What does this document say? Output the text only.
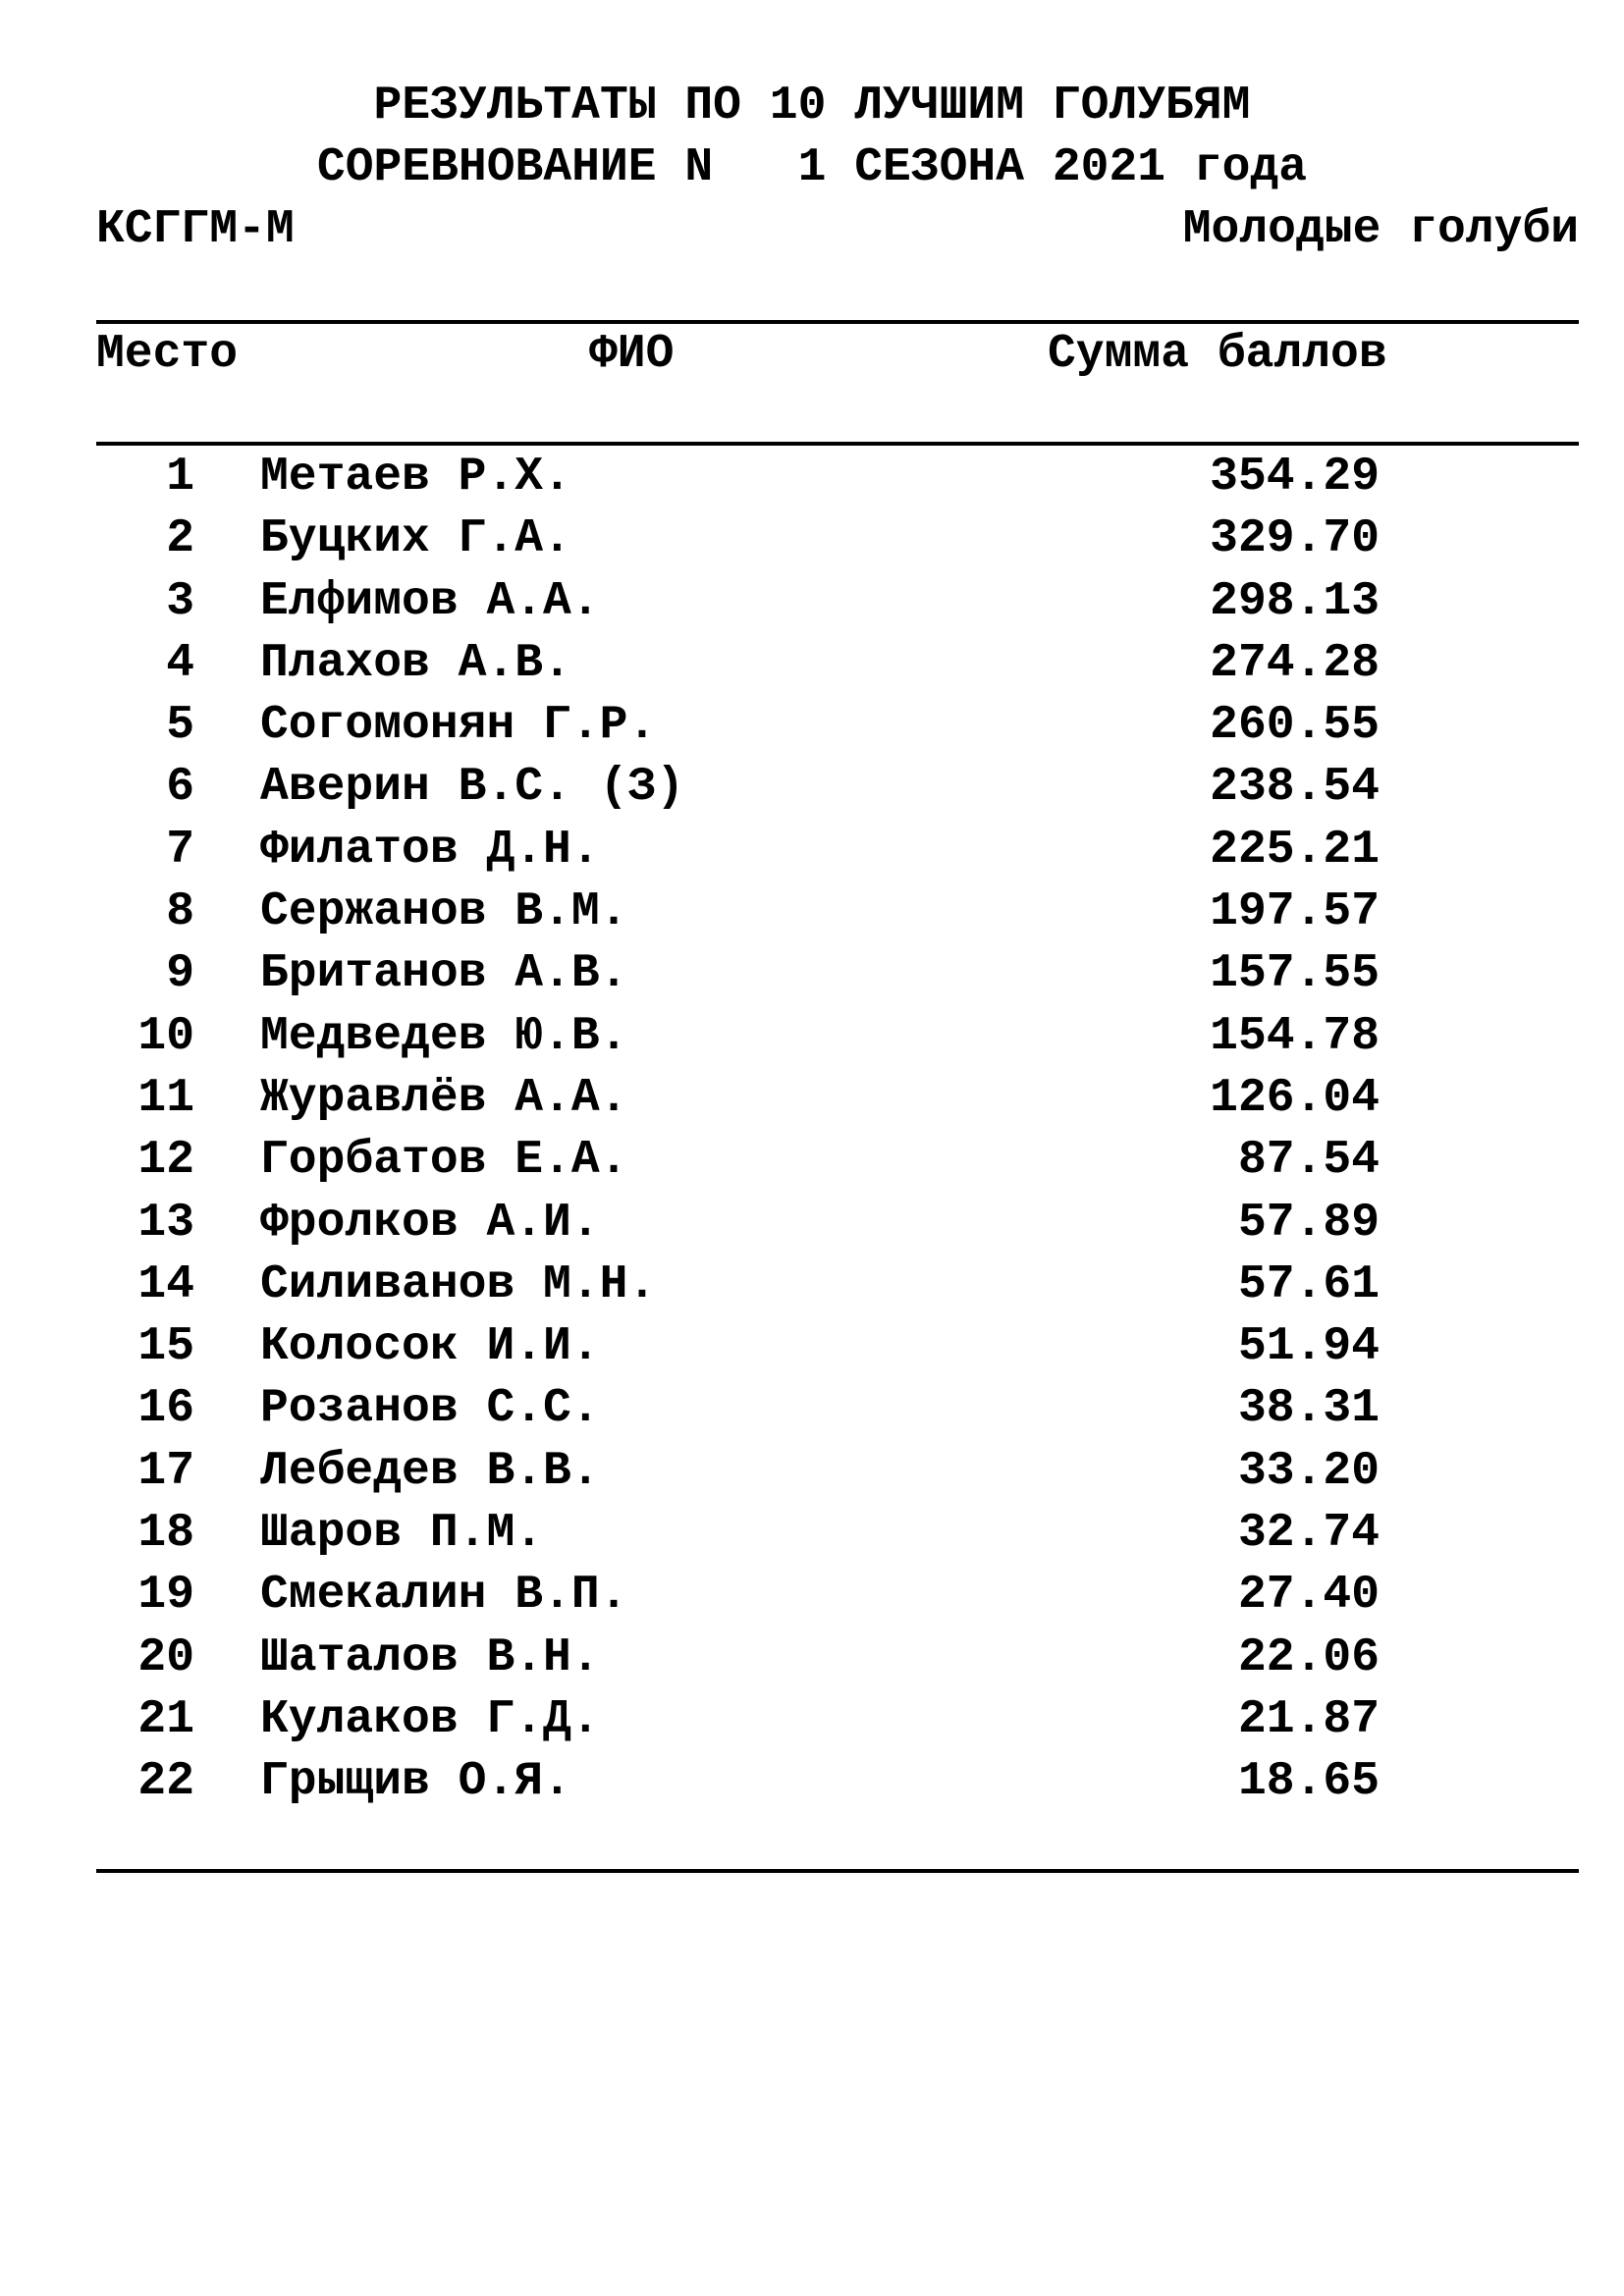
РЕЗУЛЬТАТЫ ПО 10 ЛУЧШИМ ГОЛУБЯМ
СОРЕВНОВАНИЕ N   1 СЕЗОНА 2021 года
КСГГМ-М	Молодые голуби
Место	ФИО	Сумма баллов
1 Метаев Р.Х.	354.29
2 Буцких Г.А.	329.70
3 Елфимов А.А.	298.13
4 Плахов А.В.	274.28
5 Согомонян Г.Р.	260.55
6 Аверин В.С. (З)	238.54
7 Филатов Д.Н.	225.21
8 Сержанов В.М.	197.57
9 Британов А.В.	157.55
10 Медведев Ю.В.	154.78
11 Журавлёв А.А.	126.04
12 Горбатов Е.А.	87.54
13 Фролков А.И.	57.89
14 Силиванов М.Н.	57.61
15 Колосок И.И.	51.94
16 Розанов С.С.	38.31
17 Лебедев В.В.	33.20
18 Шаров П.М.	32.74
19 Смекалин В.П.	27.40
20 Шаталов В.Н.	22.06
21 Кулаков Г.Д.	21.87
22 Грыщив О.Я.	18.65
